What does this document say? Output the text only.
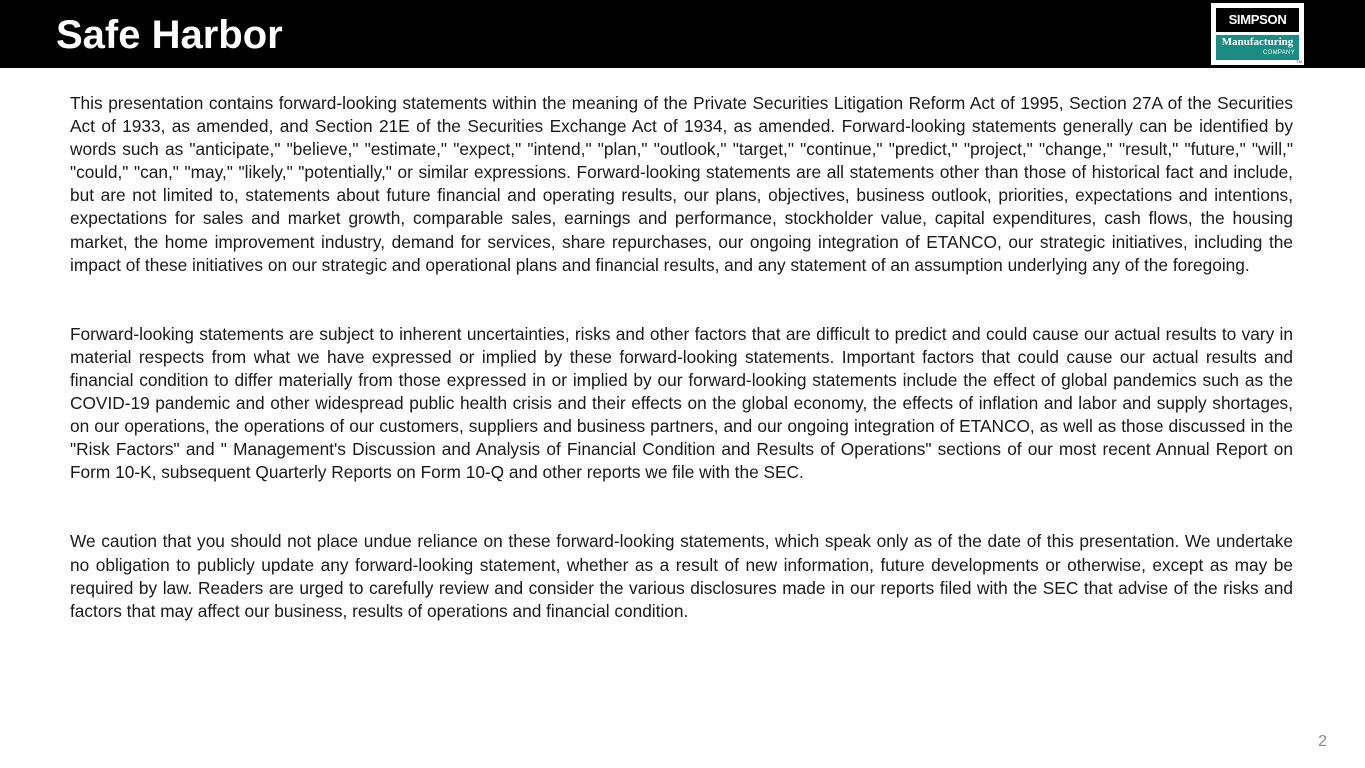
Safe Harbor	SIMPSON
Manufacturing
COMPANY
TM

This presentation contains forward-looking statements within the meaning of the Private Securities Litigation Reform Act of 1995, Section 27A of the Securities Act of 1933, as amended, and Section 21E of the Securities Exchange Act of 1934, as amended. Forward-looking statements generally can be identified by words such as "anticipate," "believe," "estimate," "expect," "intend," "plan," "outlook," "target," "continue," "predict," "project," "change," "result," "future," "will," "could," "can," "may," "likely," "potentially," or similar expressions. Forward-looking statements are all statements other than those of historical fact and include, but are not limited to, statements about future financial and operating results, our plans, objectives, business outlook, priorities, expectations and intentions, expectations for sales and market growth, comparable sales, earnings and performance, stockholder value, capital expenditures, cash flows, the housing market, the home improvement industry, demand for services, share repurchases, our ongoing integration of ETANCO, our strategic initiatives, including the impact of these initiatives on our strategic and operational plans and financial results, and any statement of an assumption underlying any of the foregoing.

Forward-looking statements are subject to inherent uncertainties, risks and other factors that are difficult to predict and could cause our actual results to vary in material respects from what we have expressed or implied by these forward-looking statements. Important factors that could cause our actual results and financial condition to differ materially from those expressed in or implied by our forward-looking statements include the effect of global pandemics such as the COVID-19 pandemic and other widespread public health crisis and their effects on the global economy, the effects of inflation and labor and supply shortages, on our operations, the operations of our customers, suppliers and business partners, and our ongoing integration of ETANCO, as well as those discussed in the "Risk Factors" and " Management's Discussion and Analysis of Financial Condition and Results of Operations" sections of our most recent Annual Report on Form 10-K, subsequent Quarterly Reports on Form 10-Q and other reports we file with the SEC.

We caution that you should not place undue reliance on these forward-looking statements, which speak only as of the date of this presentation. We undertake no obligation to publicly update any forward-looking statement, whether as a result of new information, future developments or otherwise, except as may be required by law. Readers are urged to carefully review and consider the various disclosures made in our reports filed with the SEC that advise of the risks and factors that may affect our business, results of operations and financial condition.

2
